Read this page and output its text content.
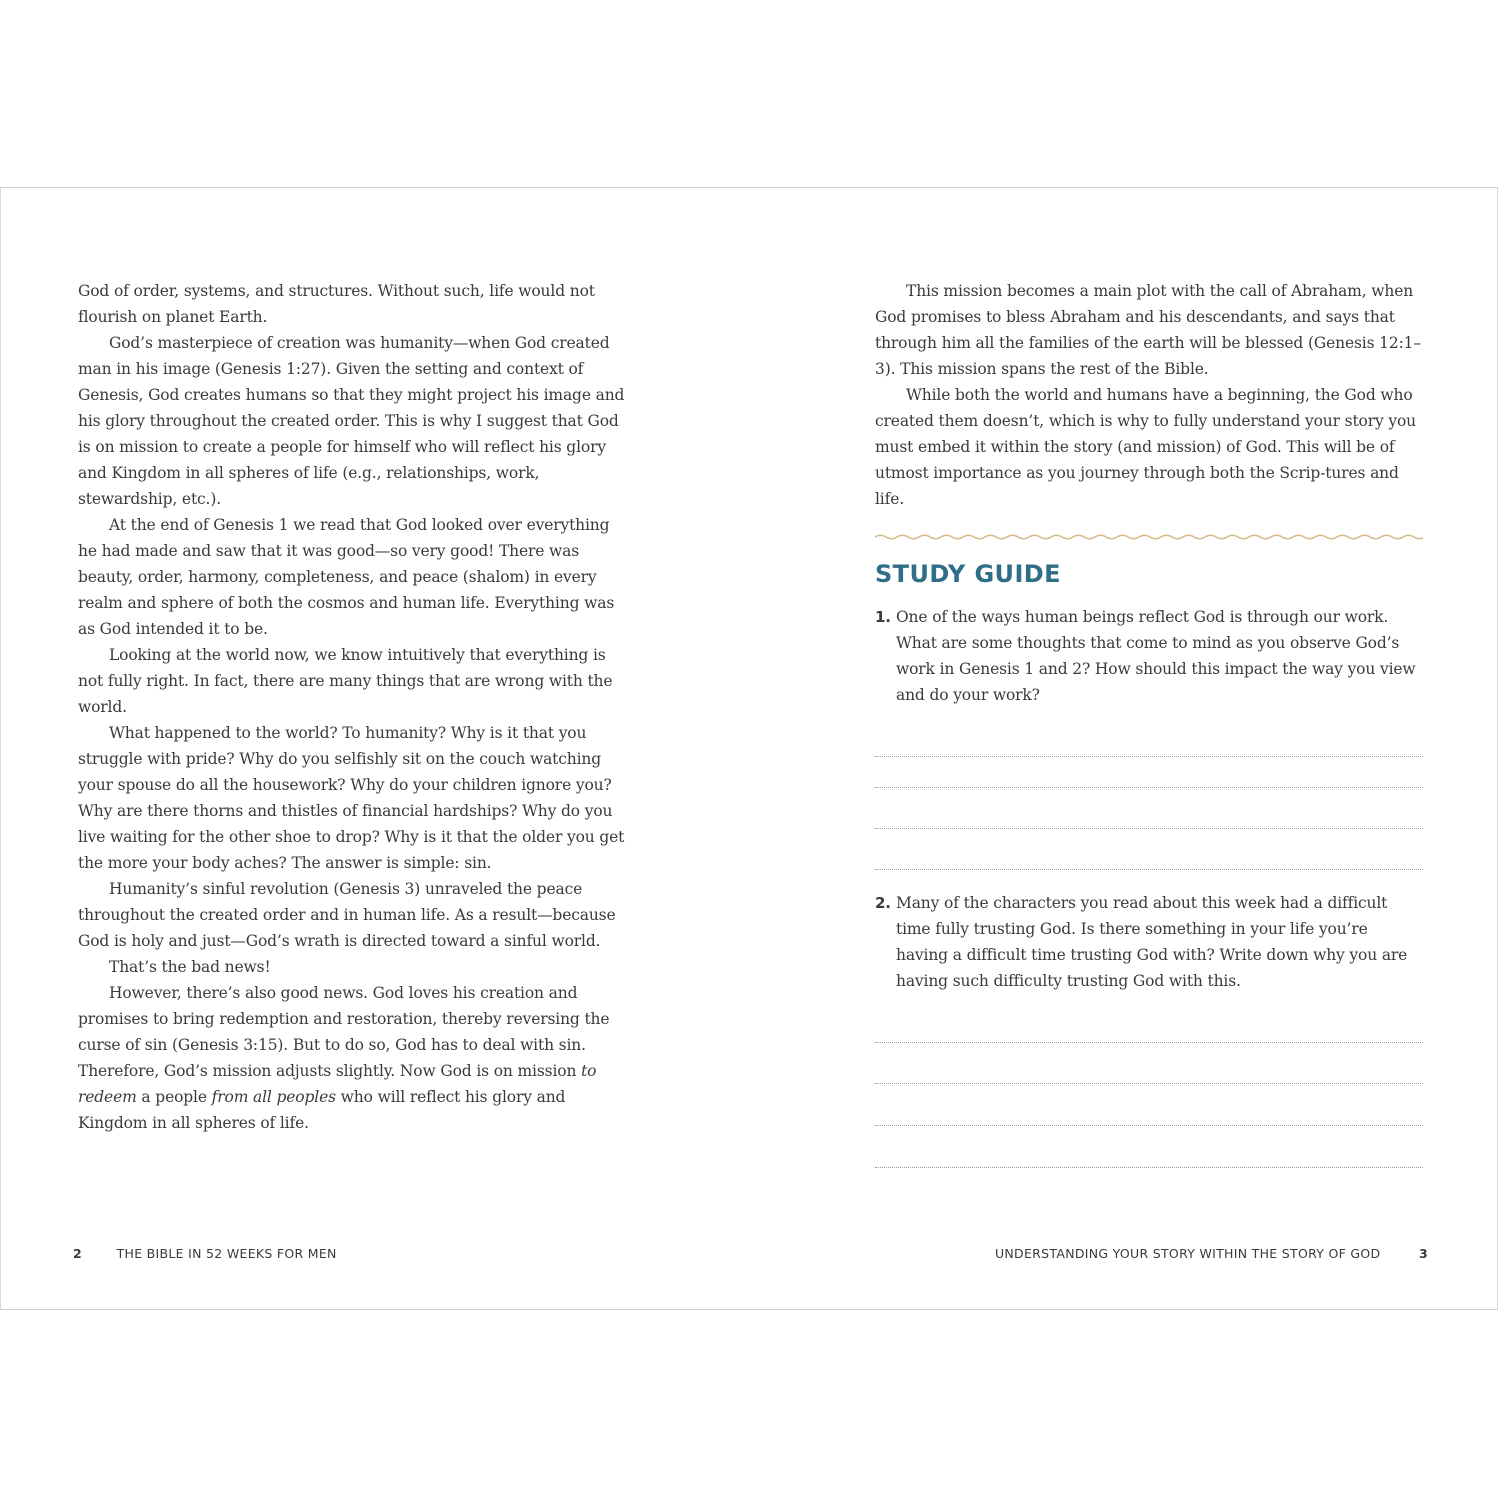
God of order, systems, and structures. Without such, life would not flourish on planet Earth.

God’s masterpiece of creation was humanity—when God created man in his image (Genesis 1:27). Given the setting and context of Genesis, God creates humans so that they might project his image and his glory throughout the created order. This is why I suggest that God is on mission to create a people for himself who will reflect his glory and Kingdom in all spheres of life (e.g., relationships, work, stewardship, etc.).

At the end of Genesis 1 we read that God looked over everything he had made and saw that it was good—so very good! There was beauty, order, harmony, completeness, and peace (shalom) in every realm and sphere of both the cosmos and human life. Everything was as God intended it to be.

Looking at the world now, we know intuitively that everything is not fully right. In fact, there are many things that are wrong with the world.

What happened to the world? To humanity? Why is it that you struggle with pride? Why do you selfishly sit on the couch watching your spouse do all the housework? Why do your children ignore you? Why are there thorns and thistles of financial hardships? Why do you live waiting for the other shoe to drop? Why is it that the older you get the more your body aches? The answer is simple: sin.

Humanity’s sinful revolution (Genesis 3) unraveled the peace throughout the created order and in human life. As a result—because God is holy and just—God’s wrath is directed toward a sinful world.

That’s the bad news!

However, there’s also good news. God loves his creation and promises to bring redemption and restoration, thereby reversing the curse of sin (Genesis 3:15). But to do so, God has to deal with sin. Therefore, God’s mission adjusts slightly. Now God is on mission to redeem a people from all peoples who will reflect his glory and Kingdom in all spheres of life.

2	THE BIBLE IN 52 WEEKS FOR MEN

This mission becomes a main plot with the call of Abraham, when God promises to bless Abraham and his descendants, and says that through him all the families of the earth will be blessed (Genesis 12:1–3). This mission spans the rest of the Bible.

While both the world and humans have a beginning, the God who created them doesn’t, which is why to fully understand your story you must embed it within the story (and mission) of God. This will be of utmost importance as you journey through both the Scrip-tures and life.

STUDY GUIDE
1. One of the ways human beings reflect God is through our work. What are some thoughts that come to mind as you observe God’s work in Genesis 1 and 2? How should this impact the way you view and do your work?
2. Many of the characters you read about this week had a difficult time fully trusting God. Is there something in your life you’re having a difficult time trusting God with? Write down why you are having such difficulty trusting God with this.
UNDERSTANDING YOUR STORY WITHIN THE STORY OF GOD	3
